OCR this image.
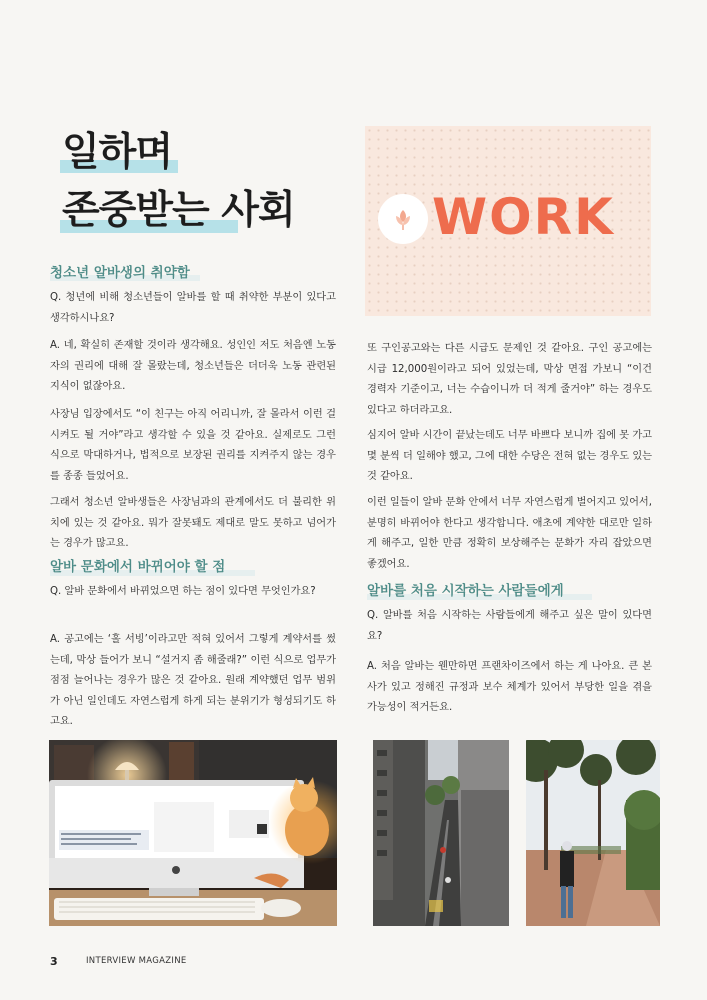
일하며
존중받는 사회	WORK
청소년 알바생의 취약함
Q. 청년에 비해 청소년들이 알바를 할 때 취약한 부분이 있다고 생각하시나요?
A. 네, 확실히 존재할 것이라 생각해요. 성인인 저도 처음엔 노동자의 권리에 대해 잘 몰랐는데, 청소년들은 더더욱 노동 관련된 지식이 없잖아요.
사장님 입장에서도 “이 친구는 아직 어리니까, 잘 몰라서 이런 걸 시켜도 될 거야”라고 생각할 수 있을 것 같아요. 실제로도 그런 식으로 막대하거나, 법적으로 보장된 권리를 지켜주지 않는 경우를 종종 들었어요.
그래서 청소년 알바생들은 사장님과의 관계에서도 더 불리한 위치에 있는 것 같아요. 뭐가 잘못돼도 제대로 말도 못하고 넘어가는 경우가 많고요.
알바 문화에서 바뀌어야 할 점
Q. 알바 문화에서 바뀌었으면 하는 점이 있다면 무엇인가요?
A. 공고에는 ‘홀 서빙’이라고만 적혀 있어서 그렇게 계약서를 썼는데, 막상 들어가 보니 “설거지 좀 해줄래?” 이런 식으로 업무가 점점 늘어나는 경우가 많은 것 같아요. 원래 계약했던 업무 범위가 아닌 일인데도 자연스럽게 하게 되는 분위기가 형성되기도 하고요.
또 구인공고와는 다른 시급도 문제인 것 같아요. 구인 공고에는 시급 12,000원이라고 되어 있었는데, 막상 면접 가보니 “이건 경력자 기준이고, 너는 수습이니까 더 적게 줄거야” 하는 경우도 있다고 하더라고요.
심지어 알바 시간이 끝났는데도 너무 바쁘다 보니까 집에 못 가고 몇 분씩 더 일해야 했고, 그에 대한 수당은 전혀 없는 경우도 있는 것 같아요.
이런 일들이 알바 문화 안에서 너무 자연스럽게 벌어지고 있어서, 분명히 바뀌어야 한다고 생각합니다. 애초에 계약한 대로만 일하게 해주고, 일한 만큼 정확히 보상해주는 문화가 자리 잡았으면 좋겠어요.
알바를 처음 시작하는 사람들에게
Q. 알바를 처음 시작하는 사람들에게 해주고 싶은 말이 있다면요?
A. 처음 알바는 웬만하면 프랜차이즈에서 하는 게 나아요. 큰 본사가 있고 정해진 규정과 보수 체계가 있어서 부당한 일을 겪을 가능성이 적거든요.
3	INTERVIEW MAGAZINE
